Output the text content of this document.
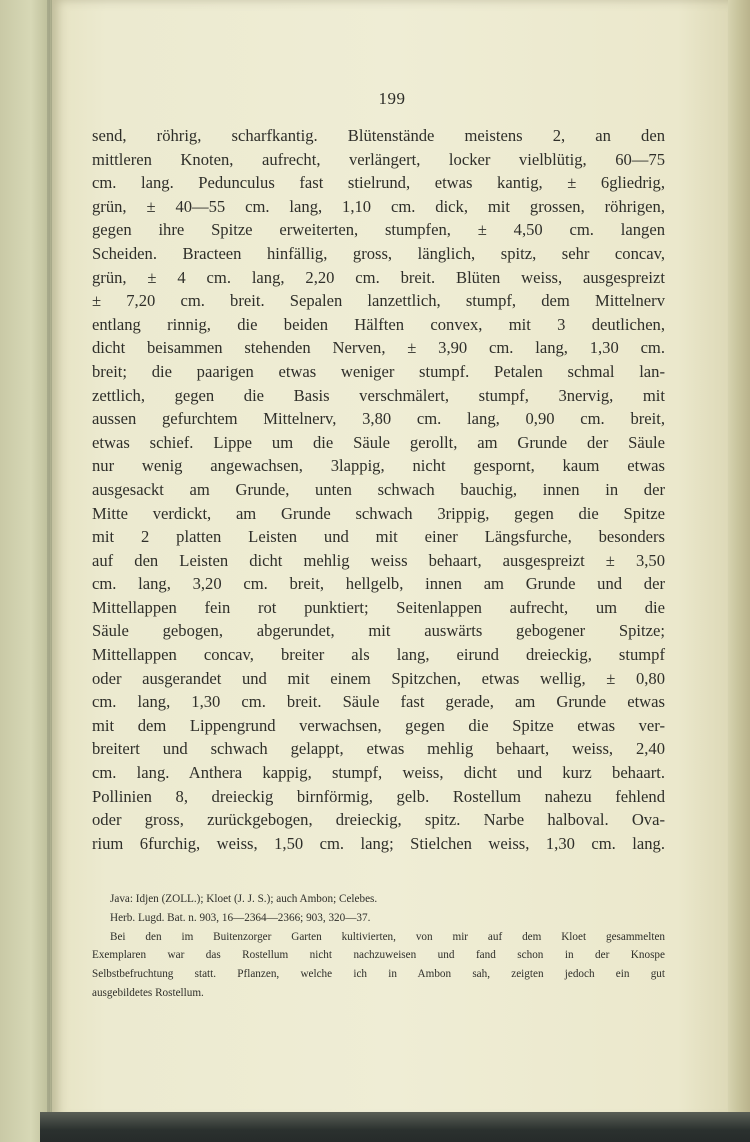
199
send, röhrig, scharfkantig. Blütenstände meistens 2, an den
mittleren Knoten, aufrecht, verlängert, locker vielblütig, 60—75
cm. lang. Pedunculus fast stielrund, etwas kantig, ± 6gliedrig,
grün, ± 40—55 cm. lang, 1,10 cm. dick, mit grossen, röhrigen,
gegen ihre Spitze erweiterten, stumpfen, ± 4,50 cm. langen
Scheiden. Bracteen hinfällig, gross, länglich, spitz, sehr concav,
grün, ± 4 cm. lang, 2,20 cm. breit. Blüten weiss, ausgespreizt
± 7,20 cm. breit. Sepalen lanzettlich, stumpf, dem Mittelnerv
entlang rinnig, die beiden Hälften convex, mit 3 deutlichen,
dicht beisammen stehenden Nerven, ± 3,90 cm. lang, 1,30 cm.
breit; die paarigen etwas weniger stumpf. Petalen schmal lan-
zettlich, gegen die Basis verschmälert, stumpf, 3nervig, mit
aussen gefurchtem Mittelnerv, 3,80 cm. lang, 0,90 cm. breit,
etwas schief. Lippe um die Säule gerollt, am Grunde der Säule
nur wenig angewachsen, 3lappig, nicht gespornt, kaum etwas
ausgesackt am Grunde, unten schwach bauchig, innen in der
Mitte verdickt, am Grunde schwach 3rippig, gegen die Spitze
mit 2 platten Leisten und mit einer Längsfurche, besonders
auf den Leisten dicht mehlig weiss behaart, ausgespreizt ± 3,50
cm. lang, 3,20 cm. breit, hellgelb, innen am Grunde und der
Mittellappen fein rot punktiert; Seitenlappen aufrecht, um die
Säule gebogen, abgerundet, mit auswärts gebogener Spitze;
Mittellappen concav, breiter als lang, eirund dreieckig, stumpf
oder ausgerandet und mit einem Spitzchen, etwas wellig, ± 0,80
cm. lang, 1,30 cm. breit. Säule fast gerade, am Grunde etwas
mit dem Lippengrund verwachsen, gegen die Spitze etwas ver-
breitert und schwach gelappt, etwas mehlig behaart, weiss, 2,40
cm. lang. Anthera kappig, stumpf, weiss, dicht und kurz behaart.
Pollinien 8, dreieckig birnförmig, gelb. Rostellum nahezu fehlend
oder gross, zurückgebogen, dreieckig, spitz. Narbe halboval. Ova-
rium 6furchig, weiss, 1,50 cm. lang; Stielchen weiss, 1,30 cm. lang.
Java: Idjen (ZOLL.); Kloet (J. J. S.); auch Ambon; Celebes.
Herb. Lugd. Bat. n. 903, 16—2364—2366; 903, 320—37.
Bei den im Buitenzorger Garten kultivierten, von mir auf dem Kloet gesammelten
Exemplaren war das Rostellum nicht nachzuweisen und fand schon in der Knospe
Selbstbefruchtung statt. Pflanzen, welche ich in Ambon sah, zeigten jedoch ein gut
ausgebildetes Rostellum.
